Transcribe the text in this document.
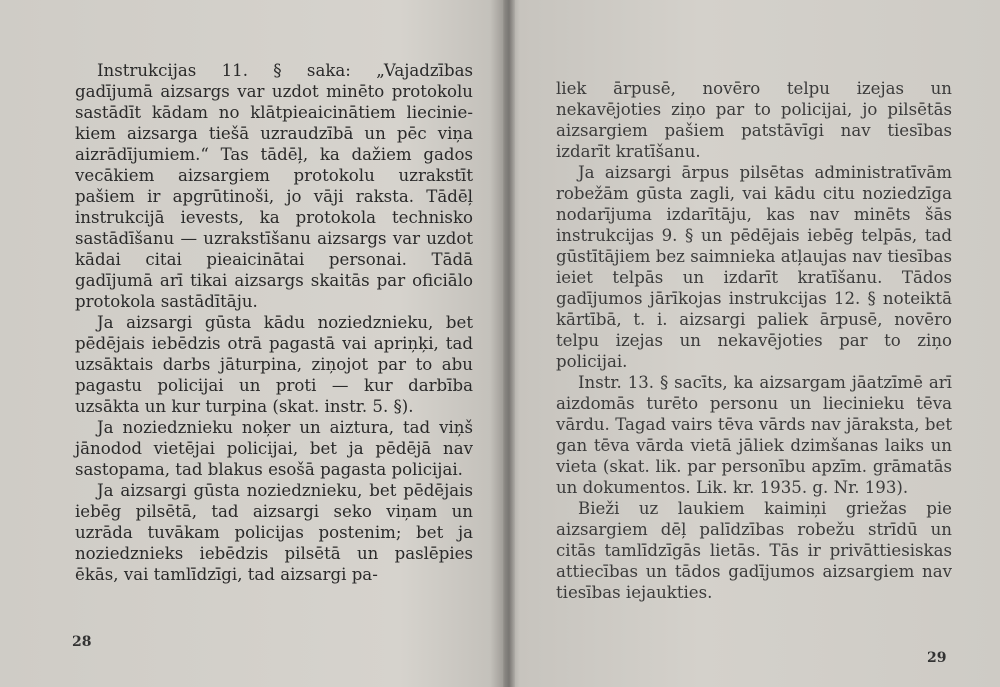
Instrukcijas 11. § saka: „Vajadzības gadījumā aizsargs var uzdot minēto protokolu sastādīt kādam no klātpieaicinātiem lieciniekiem aizsarga tiešā uzraudzībā un pēc viņa aizrādījumiem.“ Tas tādēļ, ka dažiem gados vecākiem aizsargiem protokolu uzrakstīt pašiem ir apgrūtinoši, jo vāji raksta. Tādēļ instrukcijā ievests, ka protokola technisko sastādīšanu — uzrakstīšanu aizsargs var uzdot kādai citai pieaicinātai personai. Tādā gadījumā arī tikai aizsargs skaitās par oficiālo protokola sastādītāju.

Ja aizsargi gūsta kādu noziedznieku, bet pēdējais iebēdzis otrā pagastā vai apriņķi, tad uzsāktais darbs jāturpina, ziņojot par to abu pagastu policijai un proti — kur darbība uzsākta un kur turpina (skat. instr. 5. §).

Ja noziedznieku noķer un aiztura, tad viņš jānodod vietējai policijai, bet ja pēdējā nav sastopama, tad blakus esošā pagasta policijai.

Ja aizsargi gūsta noziedznieku, bet pēdējais iebēg pilsētā, tad aizsargi seko viņam un uzrāda tuvākam policijas postenim; bet ja noziedznieks iebēdzis pilsētā un paslēpies ēkās, vai tamlīdzīgi, tad aizsargi pa-

28

liek ārpusē, novēro telpu izejas un nekavējoties ziņo par to policijai, jo pilsētās aizsargiem pašiem patstāvīgi nav tiesības izdarīt kratīšanu.

Ja aizsargi ārpus pilsētas administratīvām robežām gūsta zagli, vai kādu citu noziedzīga nodarījuma izdarītāju, kas nav minēts šās instrukcijas 9. § un pēdējais iebēg telpās, tad gūstītājiem bez saimnieka atļaujas nav tiesības ieiet telpās un izdarīt kratīšanu. Tādos gadījumos jārīkojas instrukcijas 12. § noteiktā kārtībā, t. i. aizsargi paliek ārpusē, novēro telpu izejas un nekavējoties par to ziņo policijai.

Instr. 13. § sacīts, ka aizsargam jāatzīmē arī aizdomās turēto personu un liecinieku tēva vārdu. Tagad vairs tēva vārds nav jāraksta, bet gan tēva vārda vietā jāliek dzimšanas laiks un vieta (skat. lik. par personību apzīm. grāmatās un dokumentos. Lik. kr. 1935. g. Nr. 193).

Bieži uz laukiem kaimiņi griežas pie aizsargiem dēļ palīdzības robežu strīdū un citās tamlīdzīgās lietās. Tās ir privāttiesiskas attiecības un tādos gadījumos aizsargiem nav tiesības iejaukties.

29
